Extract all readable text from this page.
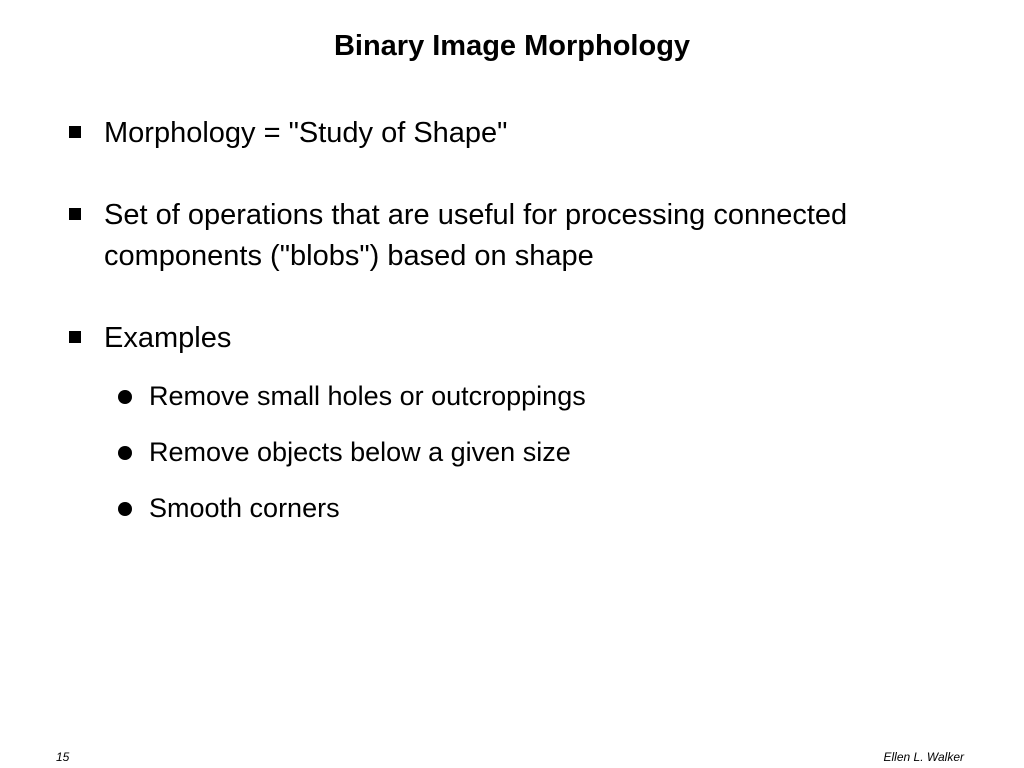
Binary Image Morphology
Morphology = "Study of Shape"
Set of operations that are useful for processing connected components ("blobs") based on shape
Examples
Remove small holes or outcroppings
Remove objects below a given size
Smooth corners
15	Ellen L. Walker
